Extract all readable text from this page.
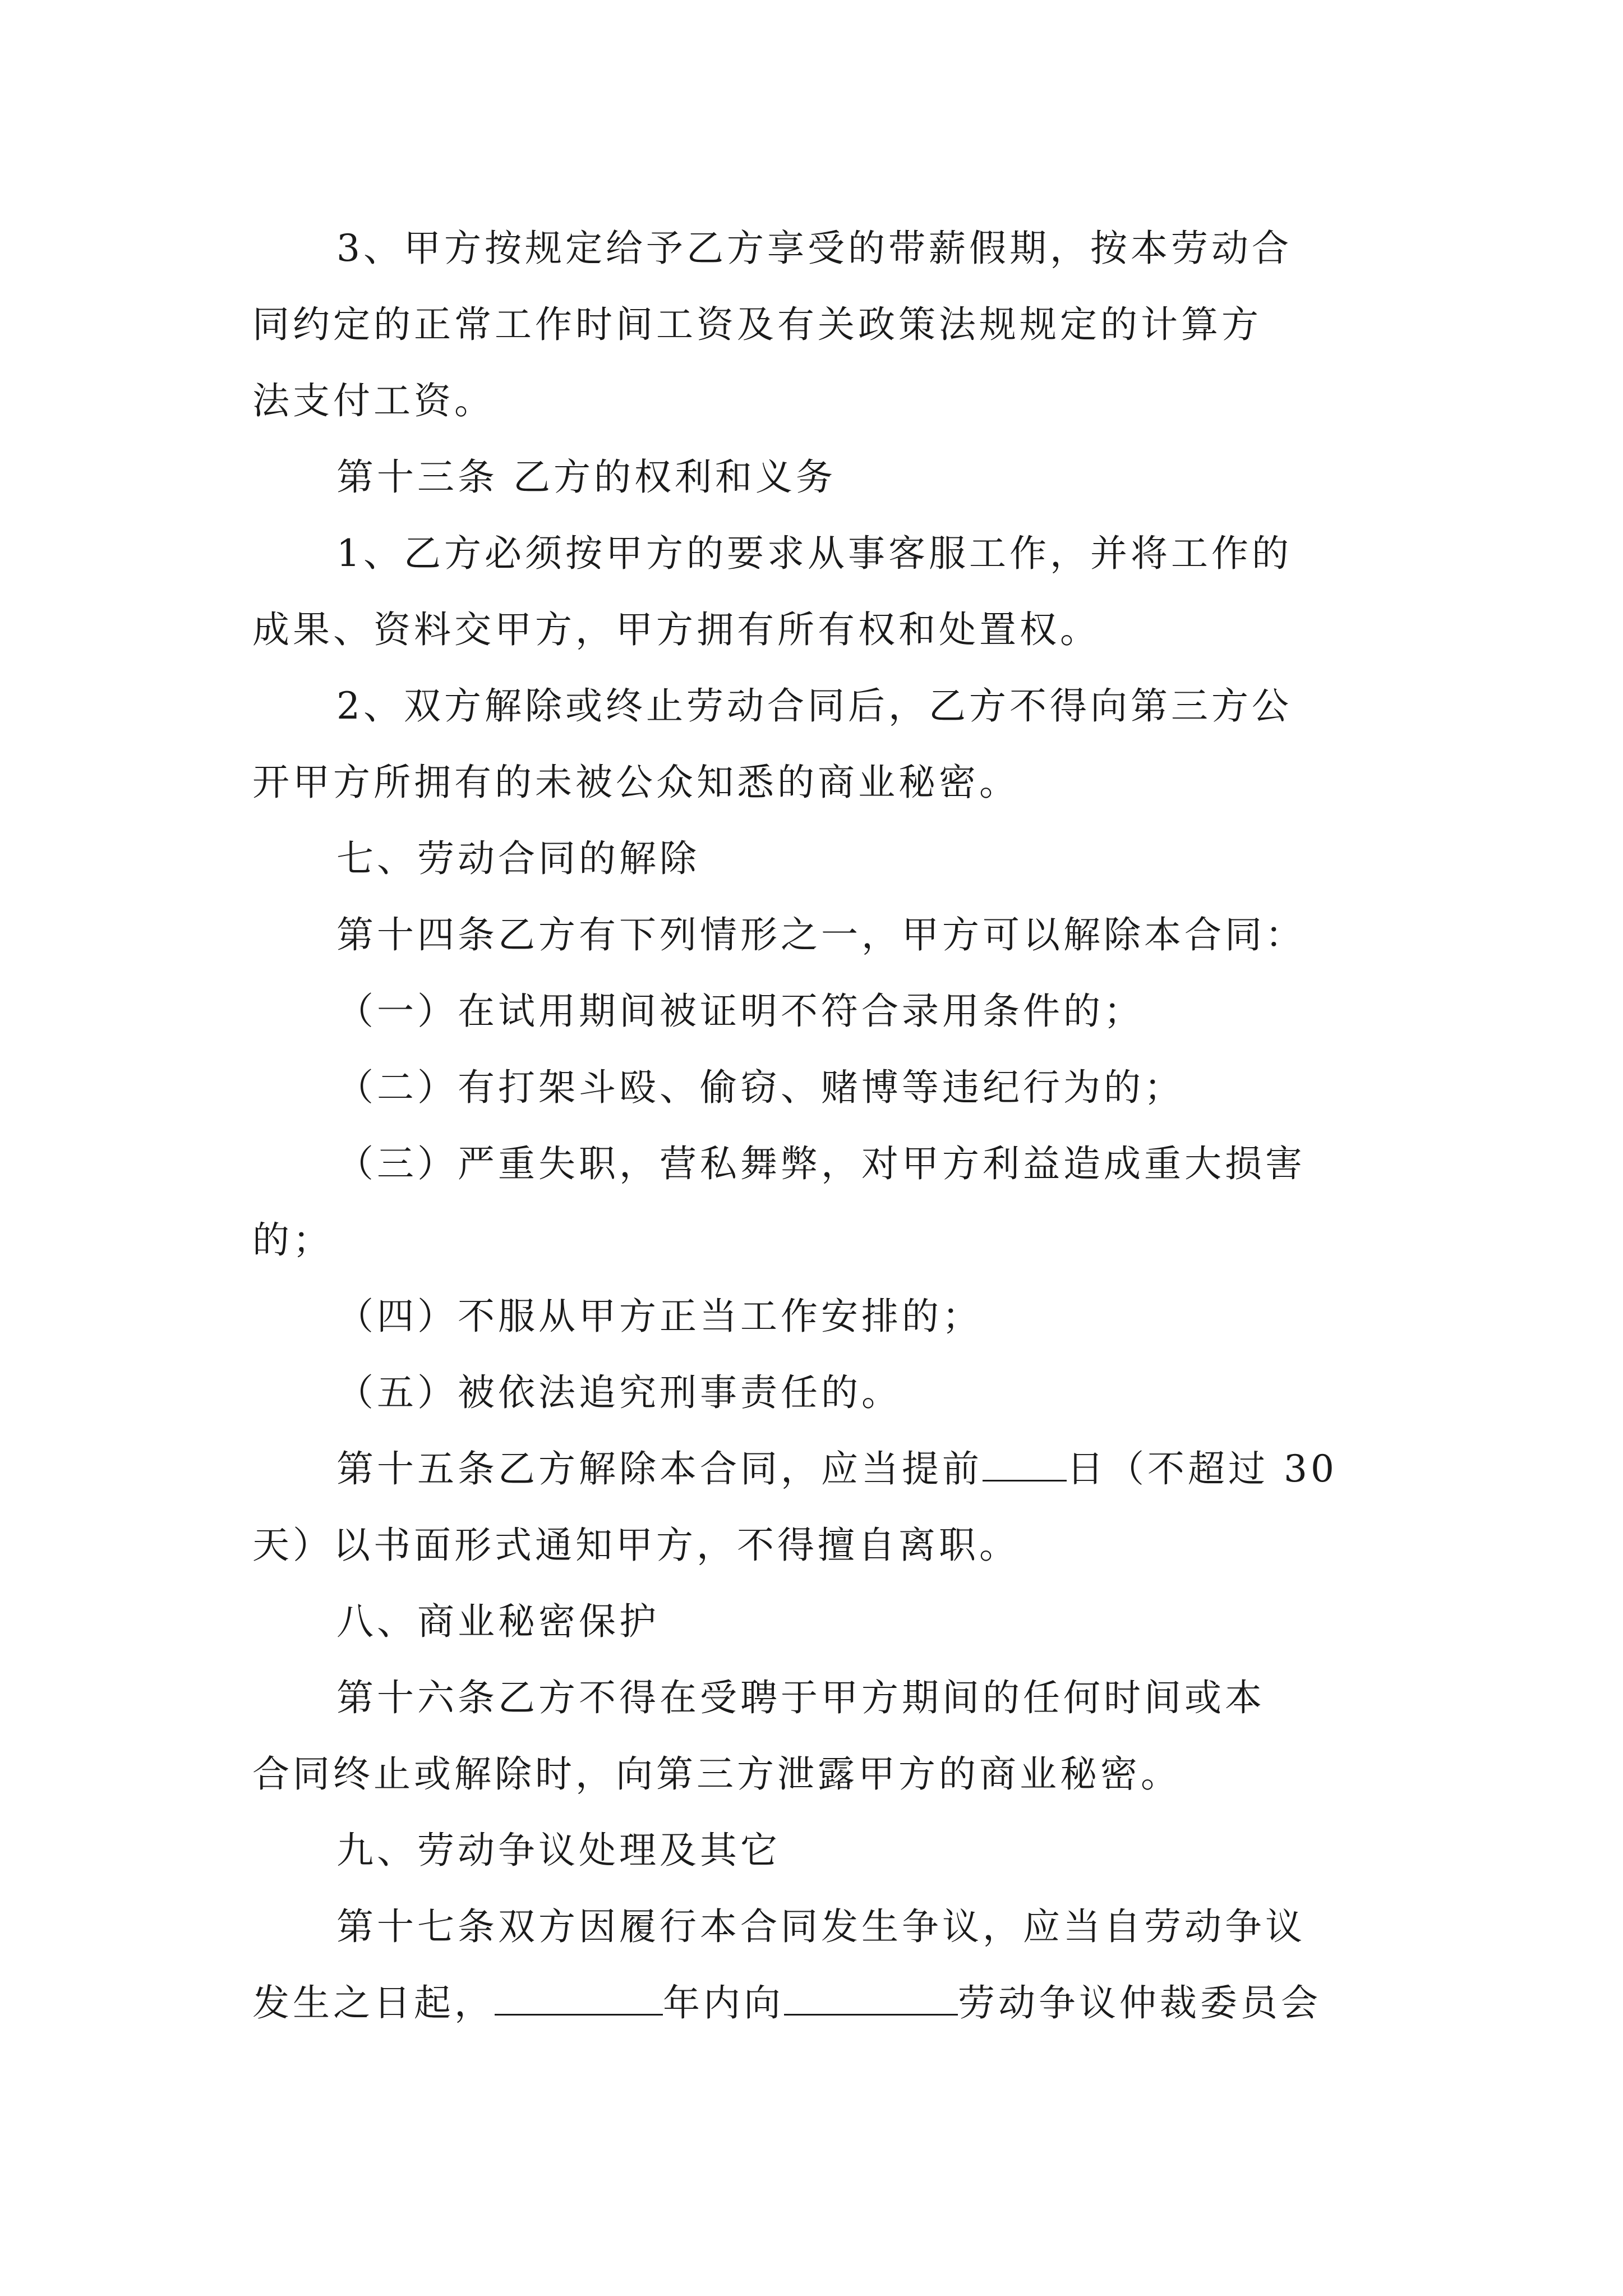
3、甲方按规定给予乙方享受的带薪假期，按本劳动合
同约定的正常工作时间工资及有关政策法规规定的计算方
法支付工资。

第十三条 乙方的权利和义务

1、乙方必须按甲方的要求从事客服工作，并将工作的
成果、资料交甲方，甲方拥有所有权和处置权。

2、双方解除或终止劳动合同后，乙方不得向第三方公
开甲方所拥有的未被公众知悉的商业秘密。

七、劳动合同的解除

第十四条乙方有下列情形之一，甲方可以解除本合同：

（一）在试用期间被证明不符合录用条件的；

（二）有打架斗殴、偷窃、赌博等违纪行为的；

（三）严重失职，营私舞弊，对甲方利益造成重大损害
的；

（四）不服从甲方正当工作安排的；

（五）被依法追究刑事责任的。

第十五条乙方解除本合同，应当提前 日（不超过 30
天）以书面形式通知甲方，不得擅自离职。

八、商业秘密保护

第十六条乙方不得在受聘于甲方期间的任何时间或本
合同终止或解除时，向第三方泄露甲方的商业秘密。

九、劳动争议处理及其它

第十七条双方因履行本合同发生争议，应当自劳动争议
发生之日起，	年内向	劳动争议仲裁委员会
